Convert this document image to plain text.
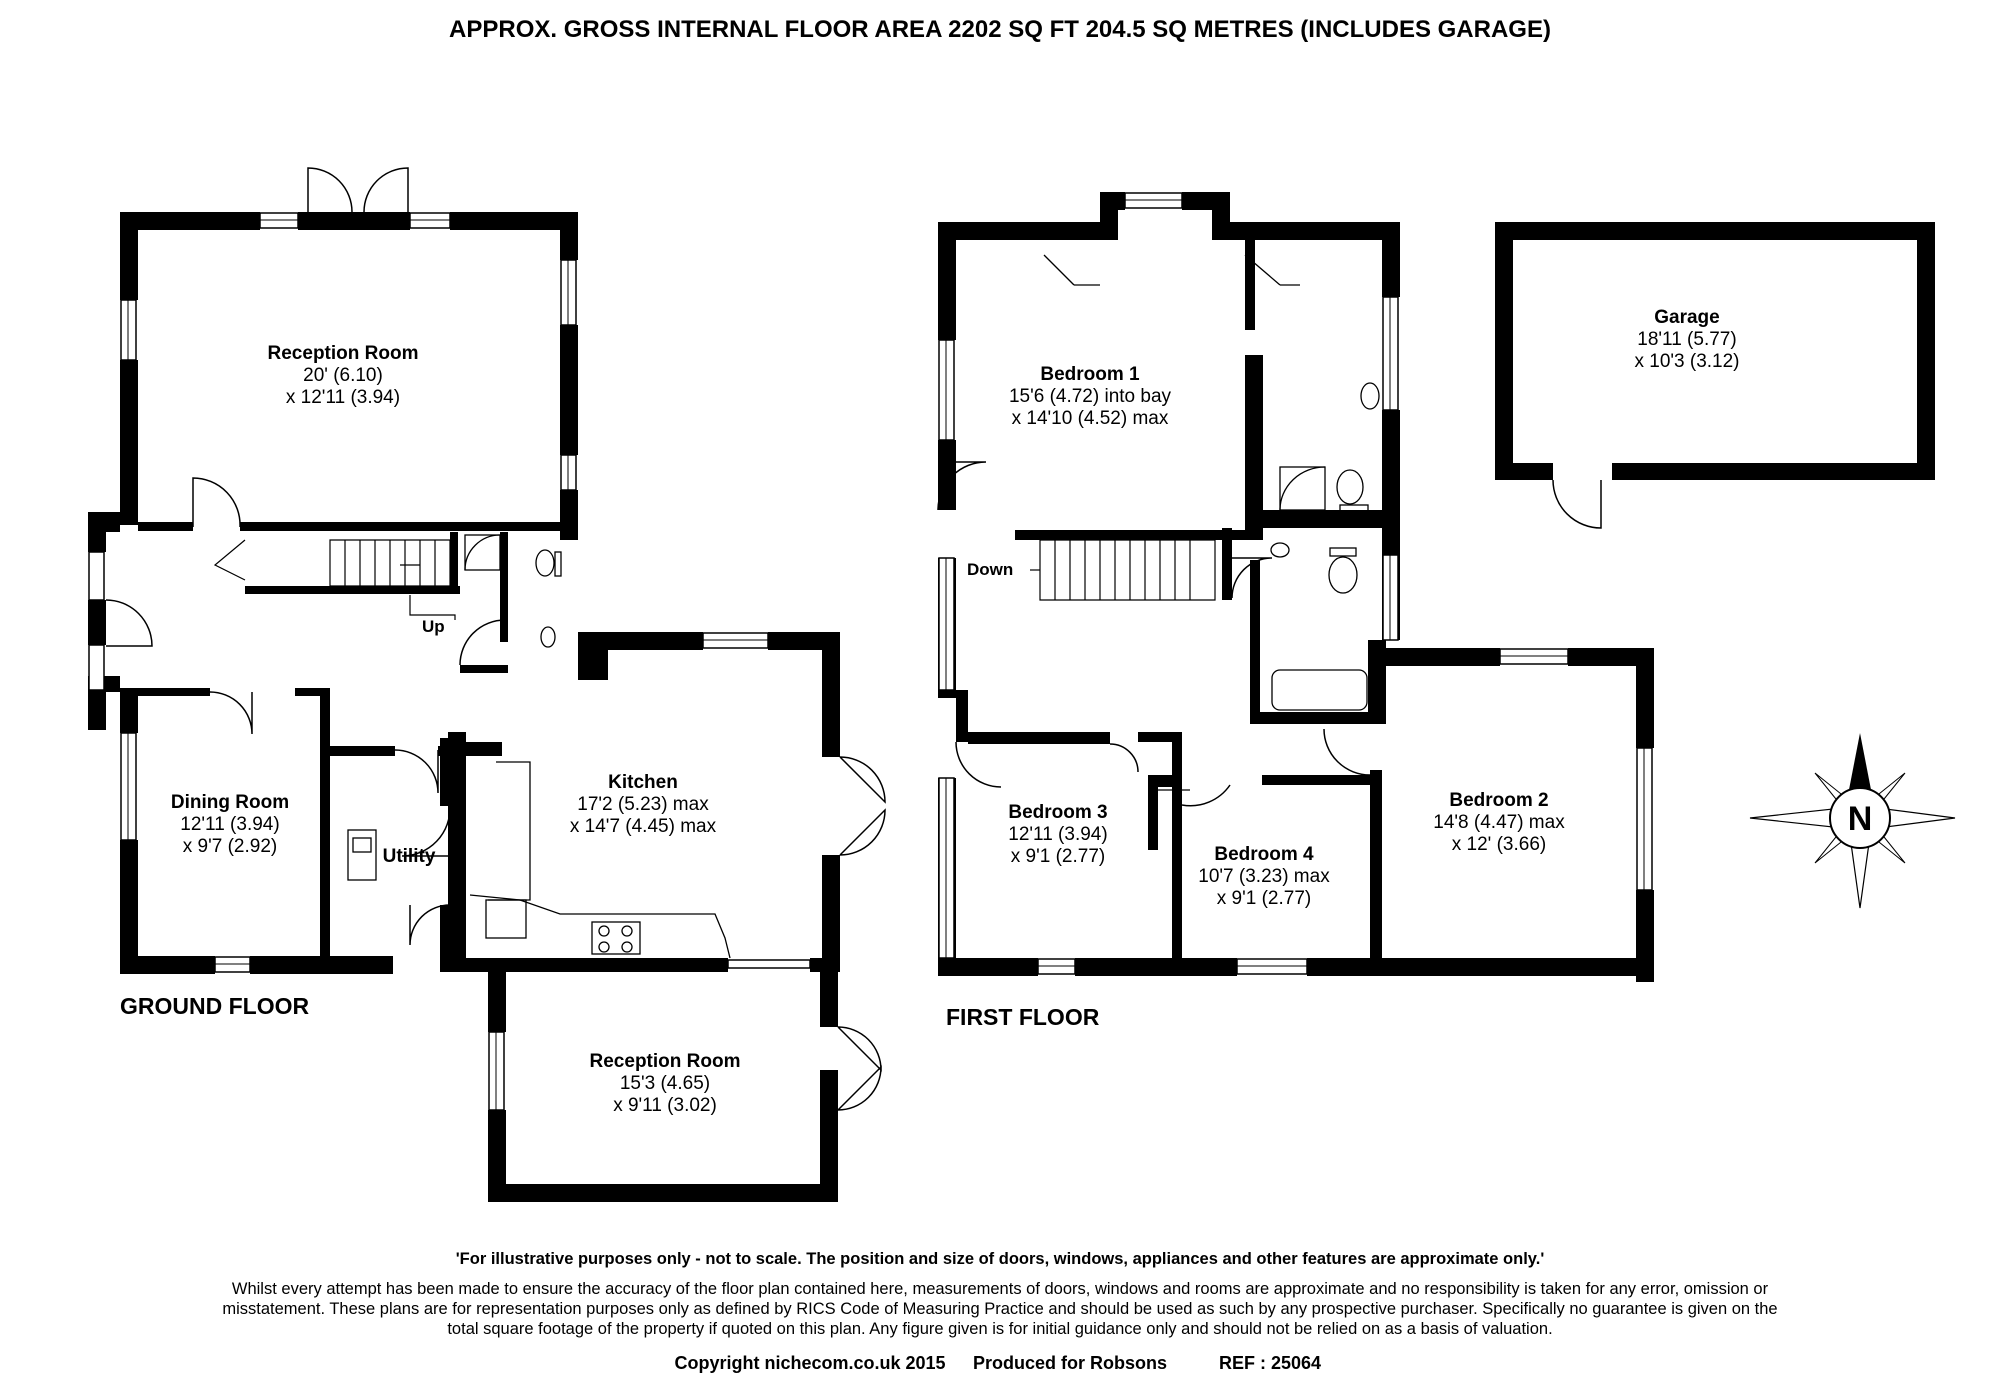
N
APPROX. GROSS INTERNAL FLOOR AREA 2202 SQ FT 204.5 SQ METRES (INCLUDES GARAGE)
GROUND FLOOR	FIRST FLOOR
Up
Down
Reception Room
20' (6.10)
x 12'11 (3.94)
Dining Room
12'11 (3.94)
x 9'7 (2.92)	Utility
Kitchen
17'2 (5.23) max
x 14'7 (4.45) max
Reception Room
15'3 (4.65)
x 9'11 (3.02)
Bedroom 1
15'6 (4.72) into bay
x 14'10 (4.52) max
Bedroom 3
12'11 (3.94)
x 9'1 (2.77)	Bedroom 4
10'7 (3.23) max
x 9'1 (2.77)
Bedroom 2
14'8 (4.47) max
x 12' (3.66)
Garage
18'11 (5.77)
x 10'3 (3.12)
'For illustrative purposes only - not to scale. The position and size of doors, windows, appliances and other features are approximate only.'
Whilst every attempt has been made to ensure the accuracy of the floor plan contained here, measurements of doors, windows and rooms are approximate and no responsibility is taken for any error, omission or misstatement. These plans are for representation purposes only as defined by RICS Code of Measuring Practice and should be used as such by any prospective purchaser. Specifically no guarantee is given on the total square footage of the property if quoted on this plan. Any figure given is for initial guidance only and should not be relied on as a basis of valuation.
Copyright nichecom.co.uk 2015 Produced for Robsons	REF : 25064
